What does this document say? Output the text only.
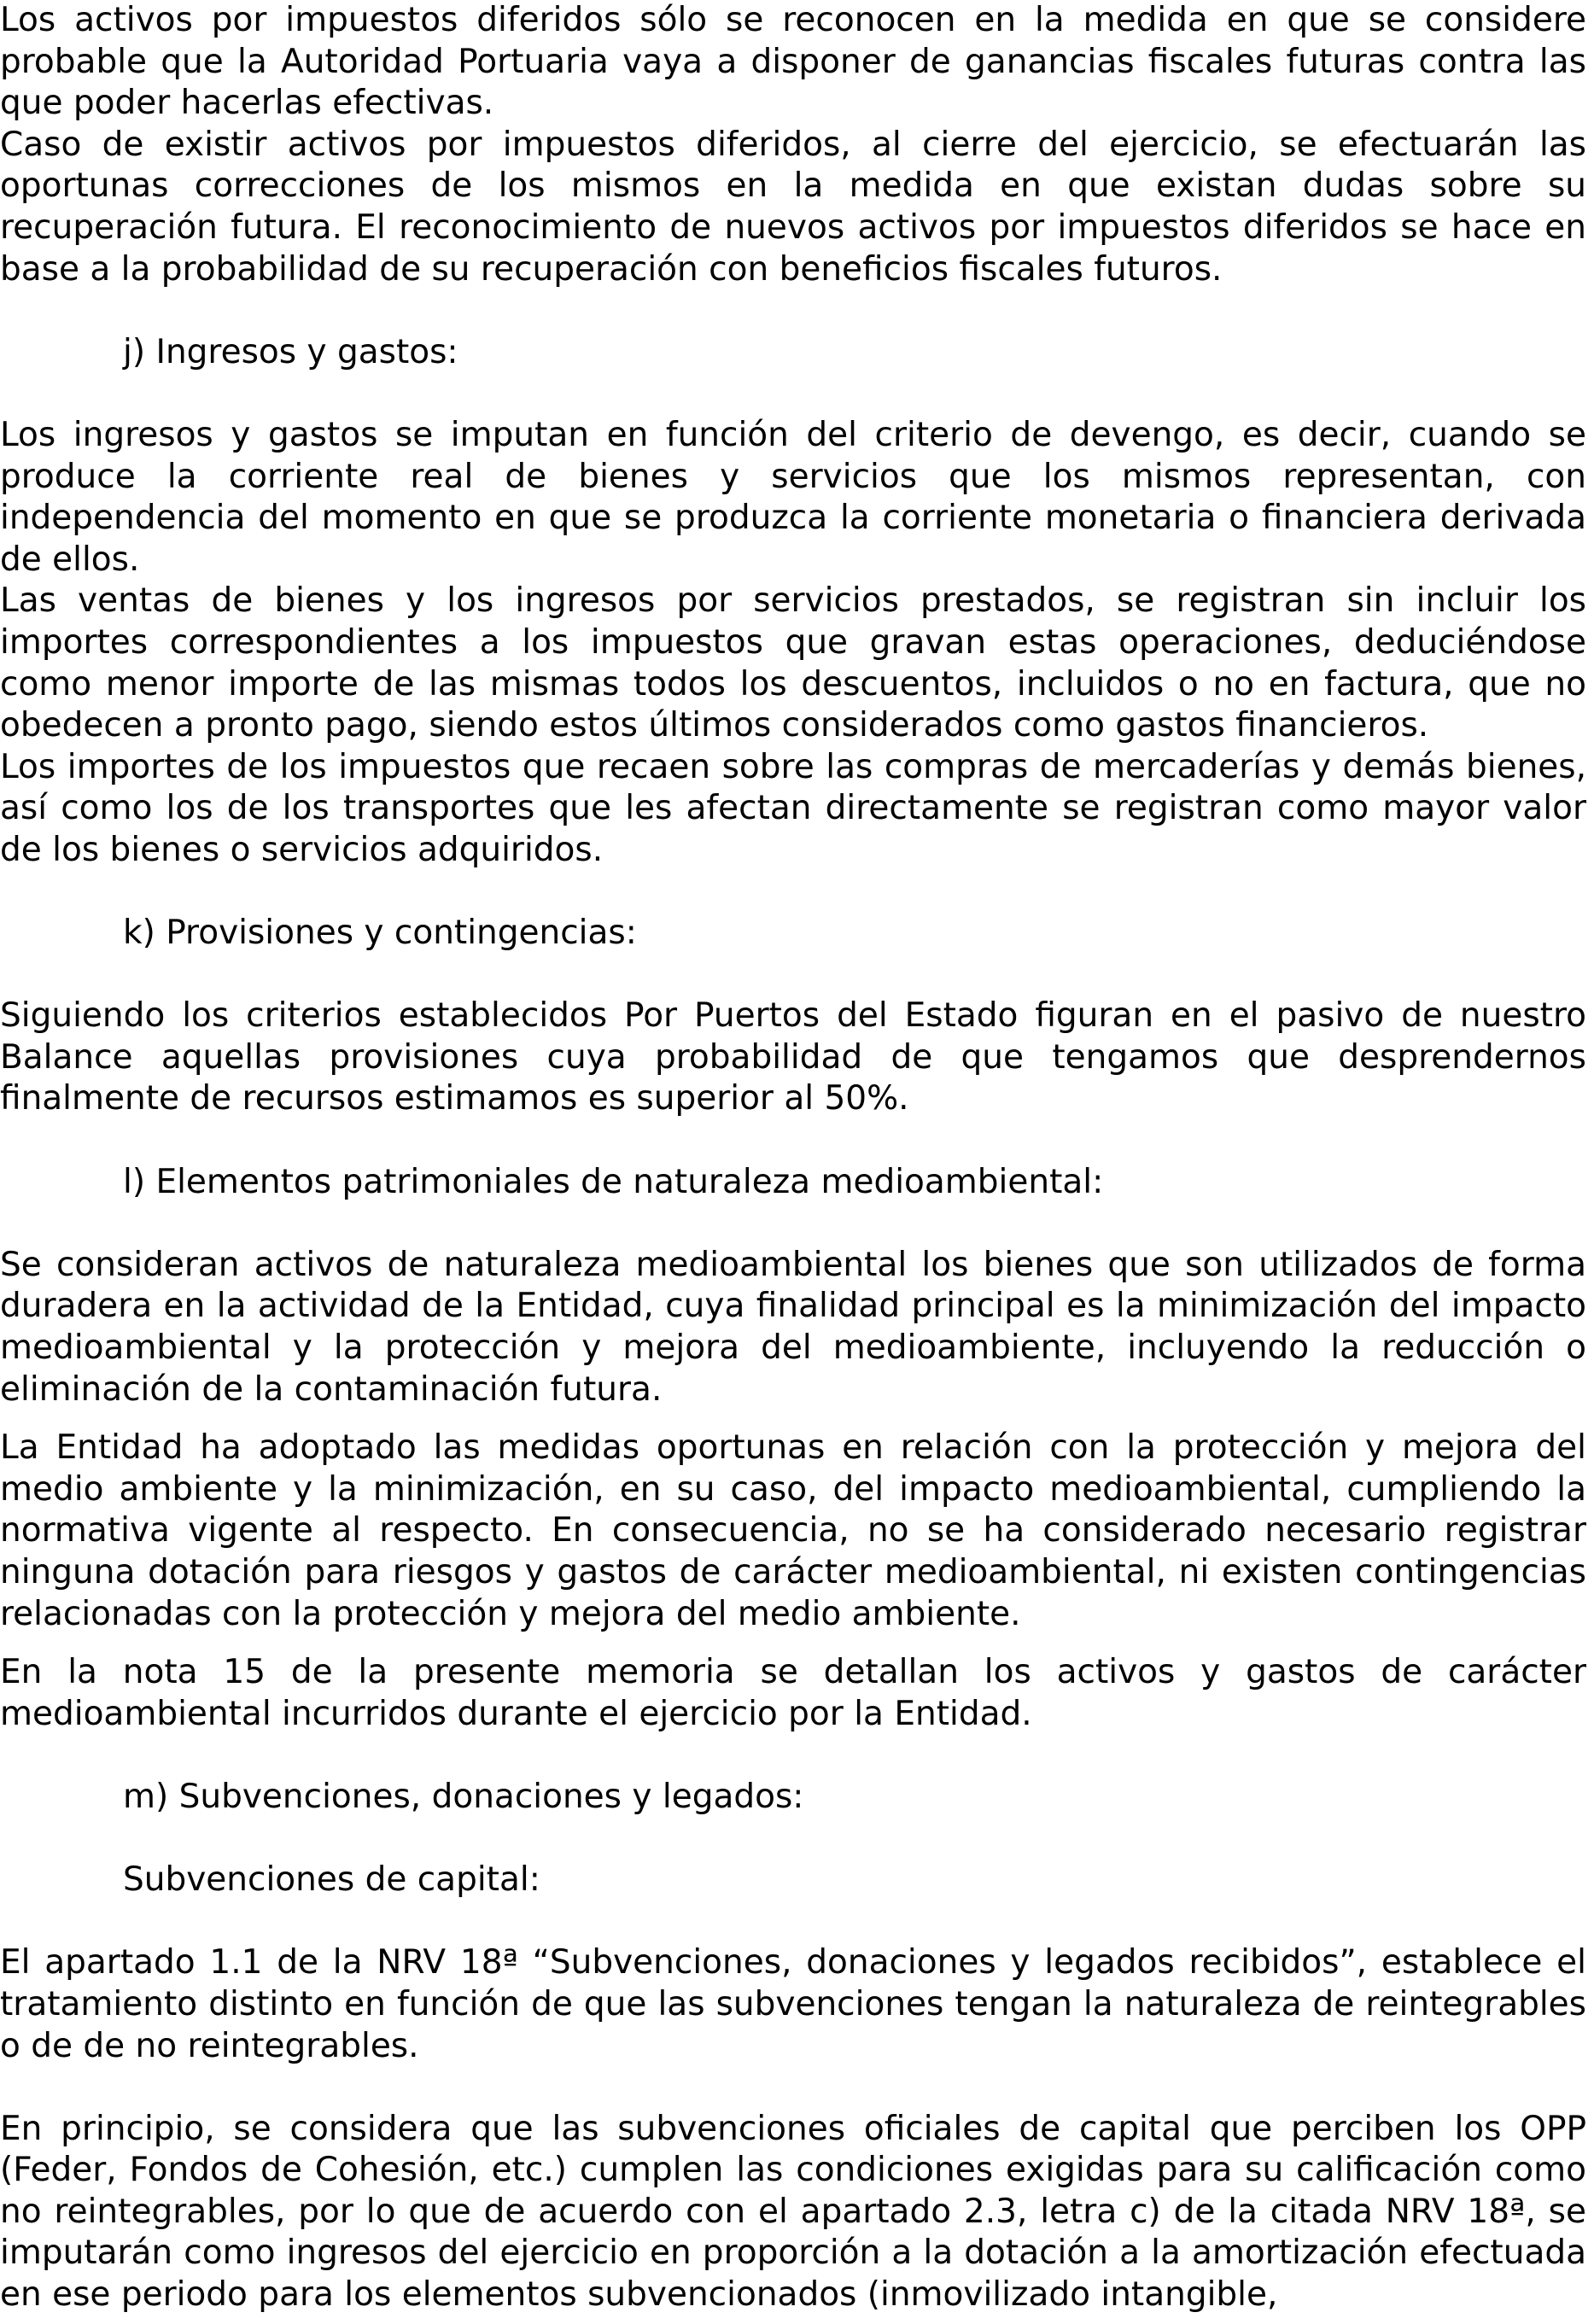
Los activos por impuestos diferidos sólo se reconocen en la medida en que se considere probable que la Autoridad Portuaria vaya a disponer de ganancias fiscales futuras contra las que poder hacerlas efectivas.

Caso de existir activos por impuestos diferidos, al cierre del ejercicio, se efectuarán las oportunas correcciones de los mismos en la medida en que existan dudas sobre su recuperación futura. El reconocimiento de nuevos activos por impuestos diferidos se hace en base a la probabilidad de su recuperación con beneficios fiscales futuros.

j) Ingresos y gastos:

Los ingresos y gastos se imputan en función del criterio de devengo, es decir, cuando se produce la corriente real de bienes y servicios que los mismos representan, con independencia del momento en que se produzca la corriente monetaria o financiera derivada de ellos.

Las ventas de bienes y los ingresos por servicios prestados, se registran sin incluir los importes correspondientes a los impuestos que gravan estas operaciones, deduciéndose como menor importe de las mismas todos los descuentos, incluidos o no en factura, que no obedecen a pronto pago, siendo estos últimos considerados como gastos financieros.

Los importes de los impuestos que recaen sobre las compras de mercaderías y demás bienes, así como los de los transportes que les afectan directamente se registran como mayor valor de los bienes o servicios adquiridos.

k) Provisiones y contingencias:

Siguiendo los criterios establecidos Por Puertos del Estado figuran en el pasivo de nuestro Balance aquellas provisiones cuya probabilidad de que tengamos que desprendernos finalmente de recursos estimamos es superior al 50%.

l) Elementos patrimoniales de naturaleza medioambiental:

Se consideran activos de naturaleza medioambiental los bienes que son utilizados de forma duradera en la actividad de la Entidad, cuya finalidad principal es la minimización del impacto medioambiental y la protección y mejora del medioambiente, incluyendo la reducción o eliminación de la contaminación futura.

La Entidad ha adoptado las medidas oportunas en relación con la protección y mejora del medio ambiente y la minimización, en su caso, del impacto medioambiental, cumpliendo la normativa vigente al respecto. En consecuencia, no se ha considerado necesario registrar ninguna dotación para riesgos y gastos de carácter medioambiental, ni existen contingencias relacionadas con la protección y mejora del medio ambiente.

En la nota 15 de la presente memoria se detallan los activos y gastos de carácter medioambiental incurridos durante el ejercicio por la Entidad.

m) Subvenciones, donaciones y legados:

Subvenciones de capital:

El apartado 1.1 de la NRV 18ª “Subvenciones, donaciones y legados recibidos”, establece el tratamiento distinto en función de que las subvenciones tengan la naturaleza de reintegrables o de de no reintegrables.

En principio, se considera que las subvenciones oficiales de capital que perciben los OPP (Feder, Fondos de Cohesión, etc.) cumplen las condiciones exigidas para su calificación como no reintegrables, por lo que de acuerdo con el apartado 2.3, letra c) de la citada NRV 18ª, se imputarán como ingresos del ejercicio en proporción a la dotación a la amortización efectuada en ese periodo para los elementos subvencionados (inmovilizado intangible,
